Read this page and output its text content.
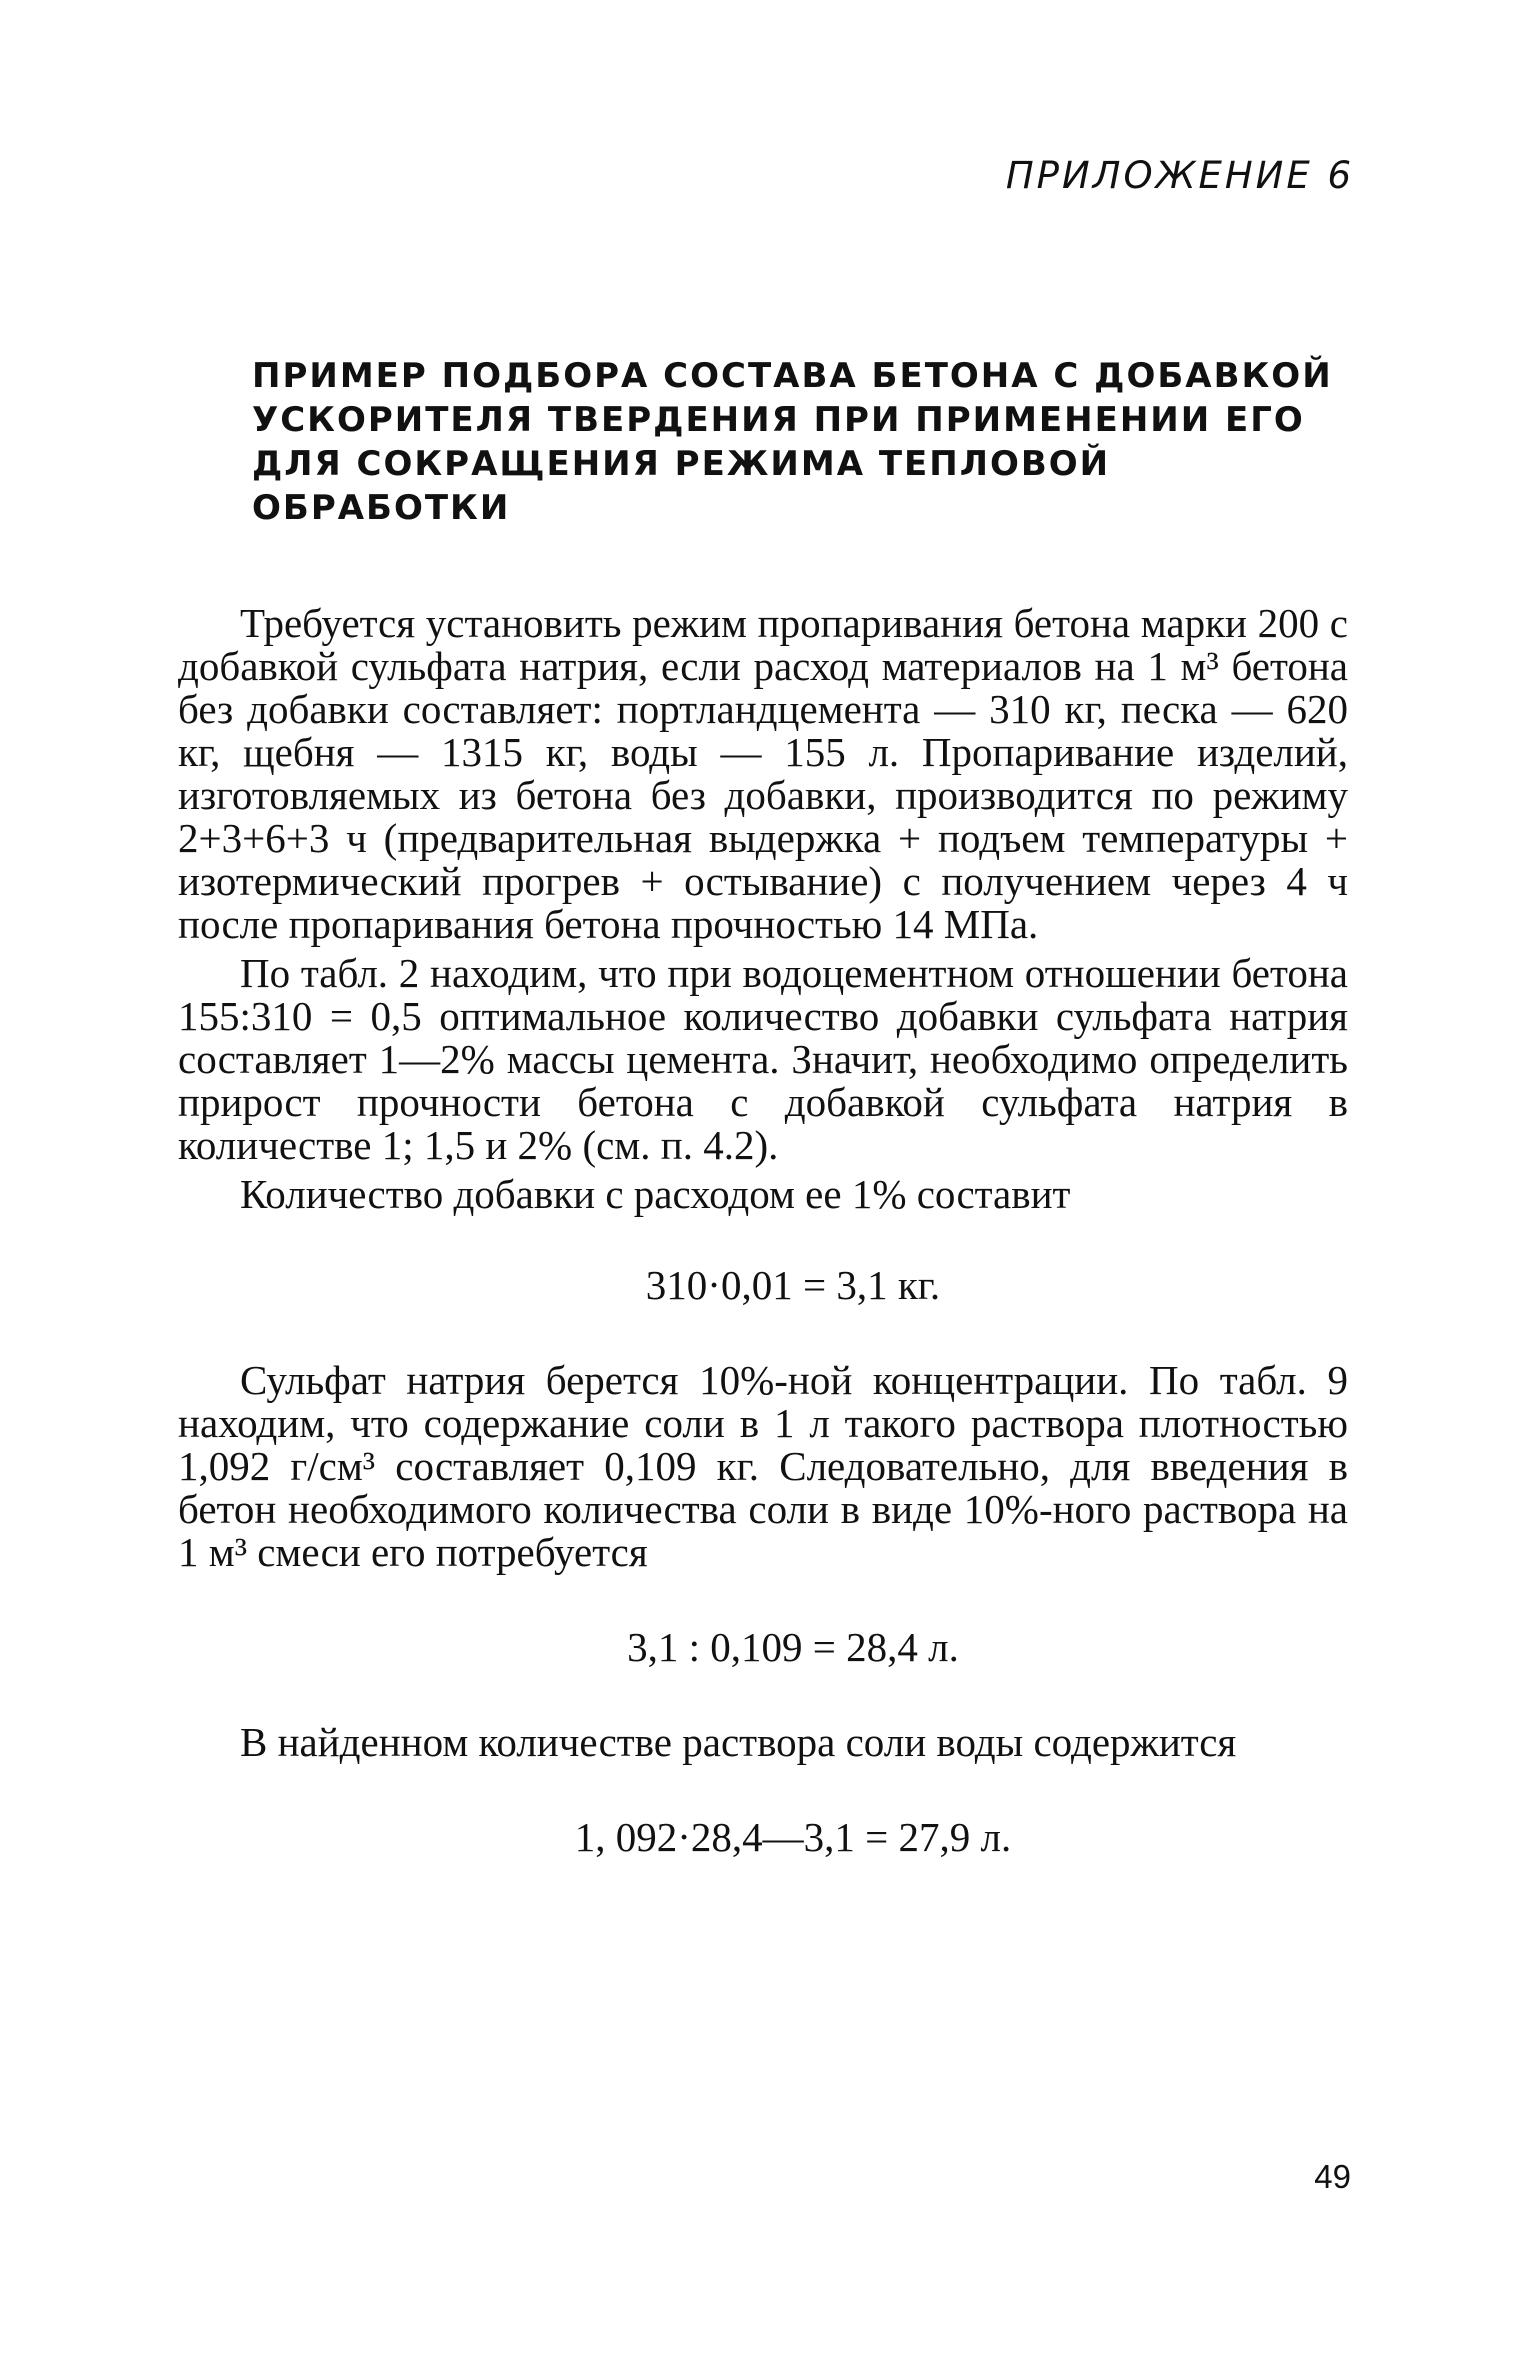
ПРИЛОЖЕНИЕ 6
ПРИМЕР ПОДБОРА СОСТАВА БЕТОНА С ДОБАВКОЙ
УСКОРИТЕЛЯ ТВЕРДЕНИЯ ПРИ ПРИМЕНЕНИИ ЕГО
ДЛЯ СОКРАЩЕНИЯ РЕЖИМА ТЕПЛОВОЙ
ОБРАБОТКИ

Требуется установить режим пропаривания бетона марки 200 с добавкой сульфата натрия, если расход материалов на 1 м³ бетона без добавки составляет: портландцемента — 310 кг, песка — 620 кг, щебня — 1315 кг, воды — 155 л. Пропаривание изделий, изготовляемых из бетона без добавки, производится по режиму 2+3+6+3 ч (предварительная выдержка + подъем температуры + изотермический прогрев + остывание) с получением через 4 ч после пропаривания бетона прочностью 14 МПа.

По табл. 2 находим, что при водоцементном отношении бетона 155:310 = 0,5 оптимальное количество добавки сульфата натрия составляет 1—2% массы цемента. Значит, необходимо определить прирост прочности бетона с добавкой сульфата натрия в количестве 1; 1,5 и 2% (см. п. 4.2).

Количество добавки с расходом ее 1% составит

310·0,01 = 3,1 кг.

Сульфат натрия берется 10%-ной концентрации. По табл. 9 находим, что содержание соли в 1 л такого раствора плотностью 1,092 г/см³ составляет 0,109 кг. Следовательно, для введения в бетон необходимого количества соли в виде 10%-ного раствора на 1 м³ смеси его потребуется

3,1 : 0,109 = 28,4 л.

В найденном количестве раствора соли воды содержится

1, 092·28,4—3,1 = 27,9 л.

49
